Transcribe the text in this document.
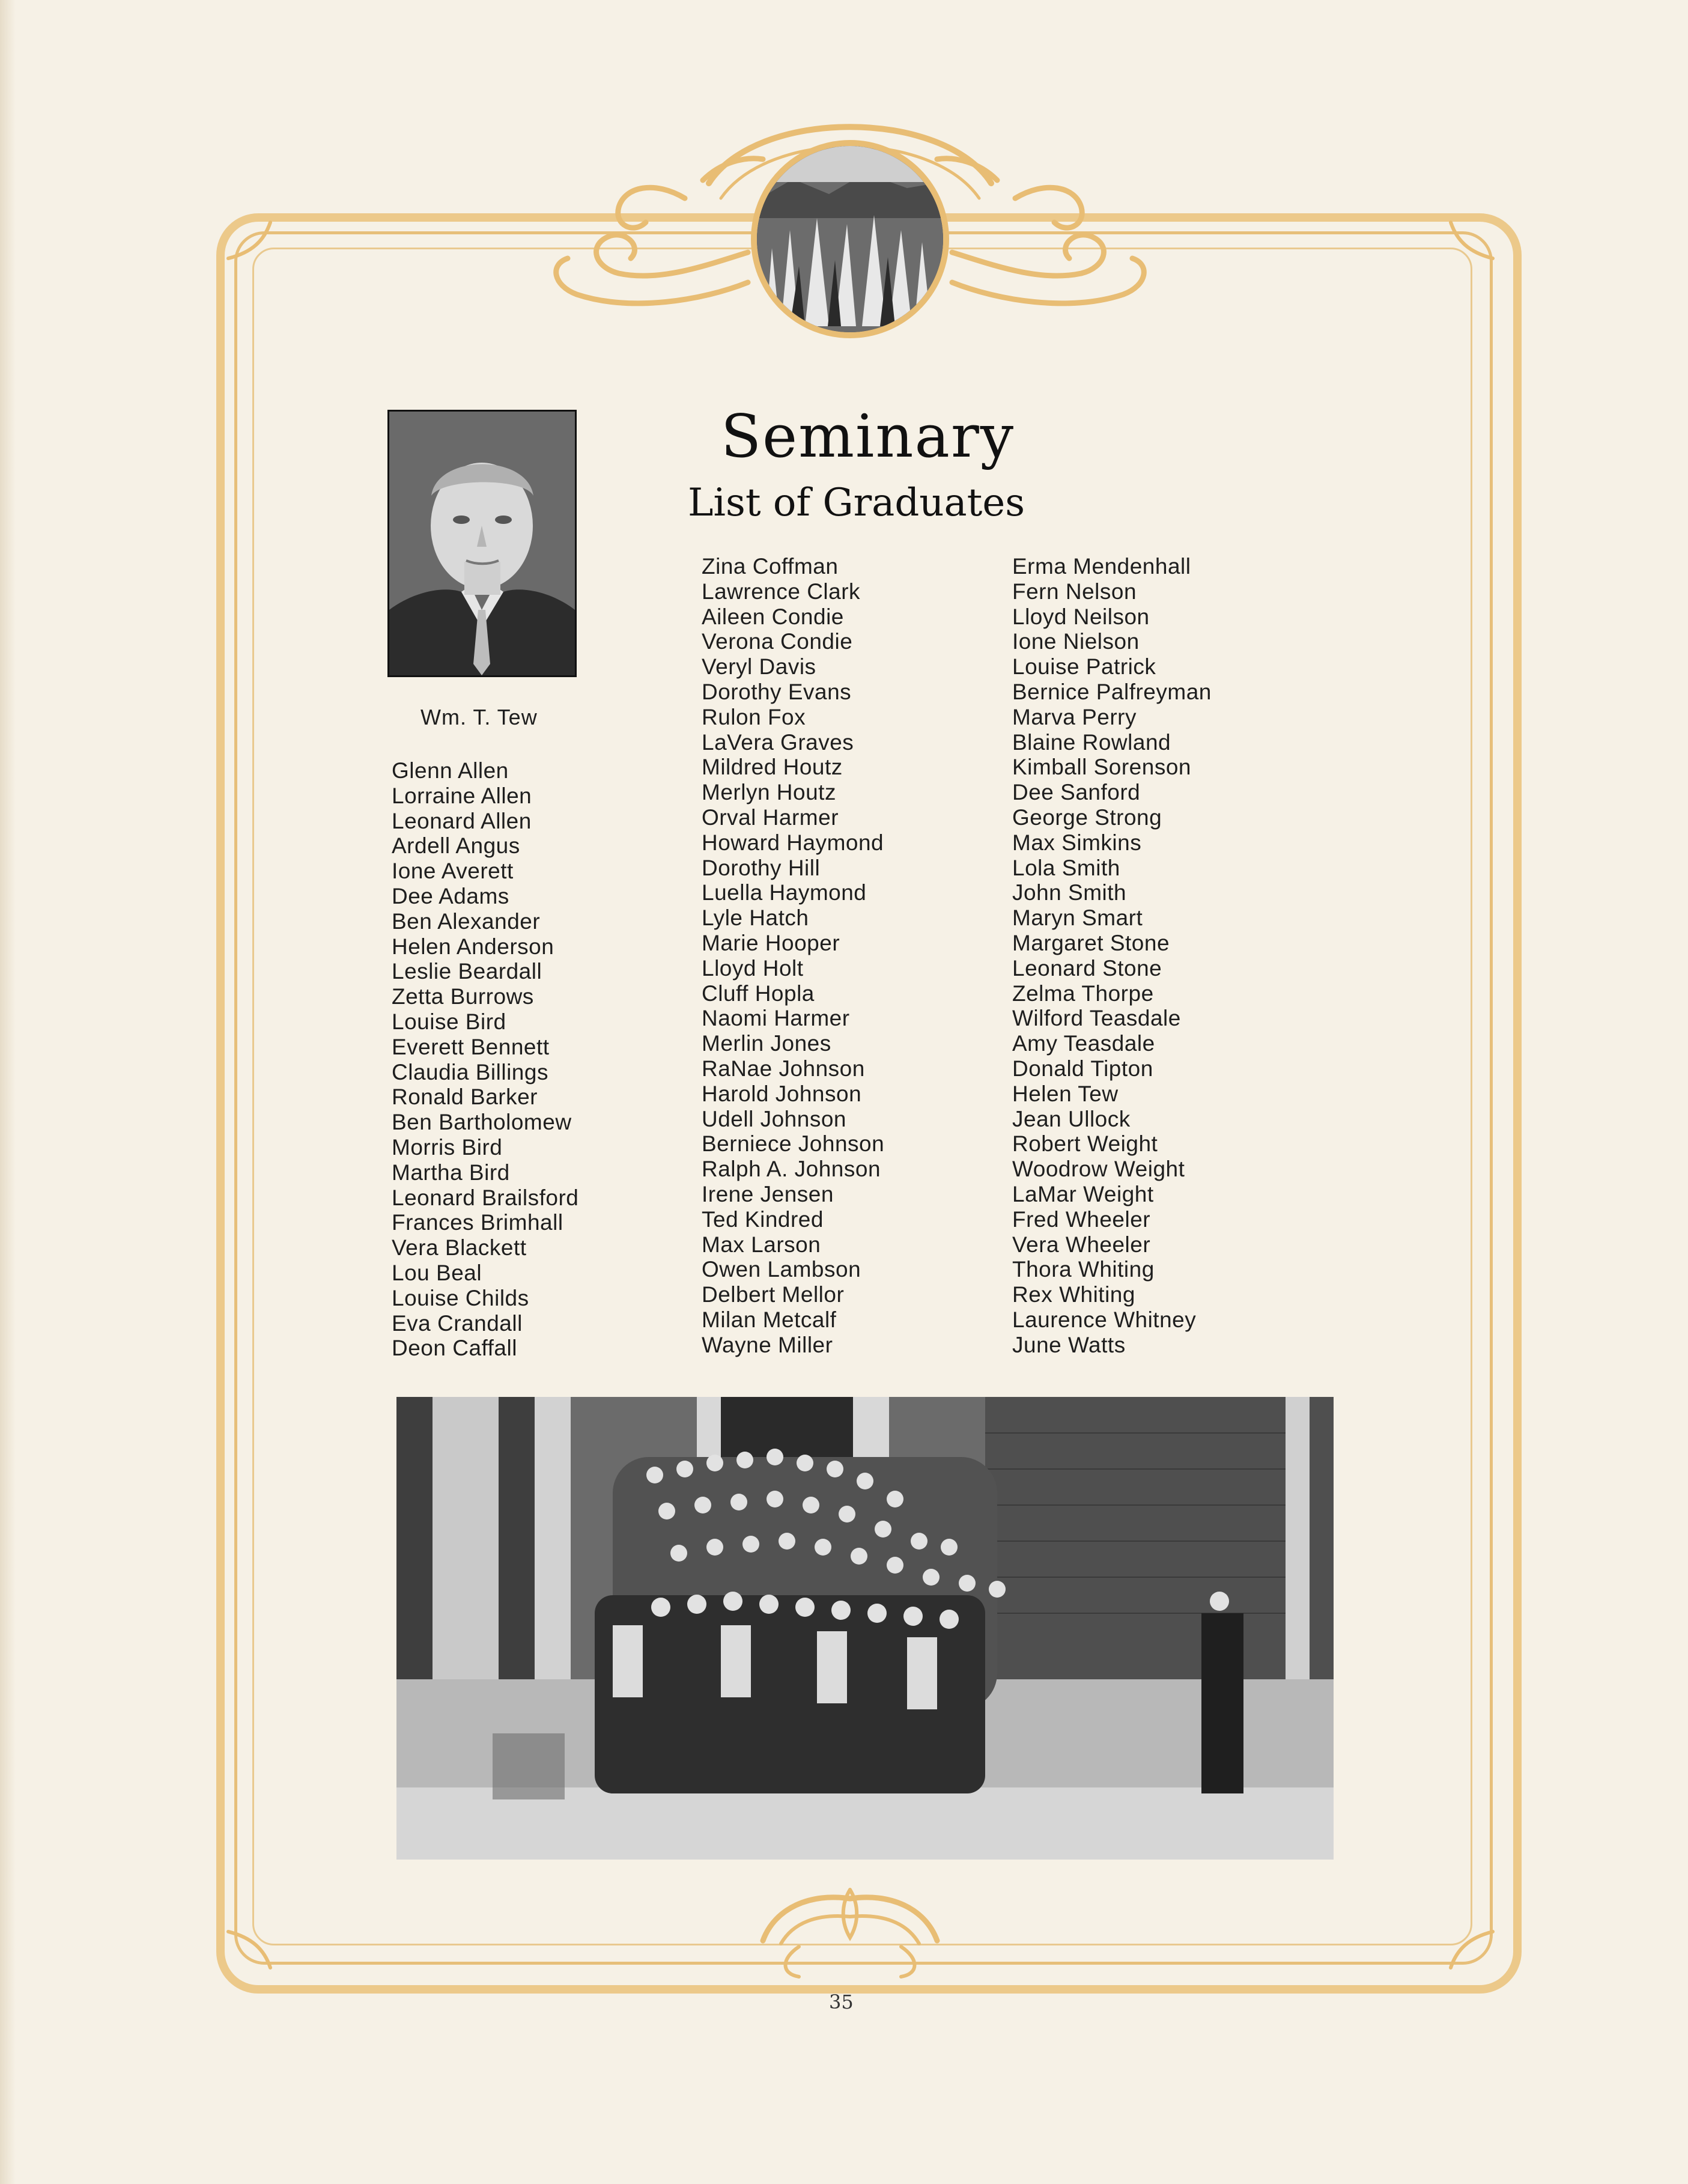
Wm. T. Tew
Seminary
List of Graduates
Glenn Allen
Lorraine Allen
Leonard Allen
Ardell Angus
Ione Averett
Dee Adams
Ben Alexander
Helen Anderson
Leslie Beardall
Zetta Burrows
Louise Bird
Everett Bennett
Claudia Billings
Ronald Barker
Ben Bartholomew
Morris Bird
Martha Bird
Leonard Brailsford
Frances Brimhall
Vera Blackett
Lou Beal
Louise Childs
Eva Crandall
Deon Caffall
Zina Coffman
Lawrence Clark
Aileen Condie
Verona Condie
Veryl Davis
Dorothy Evans
Rulon Fox
LaVera Graves
Mildred Houtz
Merlyn Houtz
Orval Harmer
Howard Haymond
Dorothy Hill
Luella Haymond
Lyle Hatch
Marie Hooper
Lloyd Holt
Cluff Hopla
Naomi Harmer
Merlin Jones
RaNae Johnson
Harold Johnson
Udell Johnson
Berniece Johnson
Ralph A. Johnson
Irene Jensen
Ted Kindred
Max Larson
Owen Lambson
Delbert Mellor
Milan Metcalf
Wayne Miller
Erma Mendenhall
Fern Nelson
Lloyd Neilson
Ione Nielson
Louise Patrick
Bernice Palfreyman
Marva Perry
Blaine Rowland
Kimball Sorenson
Dee Sanford
George Strong
Max Simkins
Lola Smith
John Smith
Maryn Smart
Margaret Stone
Leonard Stone
Zelma Thorpe
Wilford Teasdale
Amy Teasdale
Donald Tipton
Helen Tew
Jean Ullock
Robert Weight
Woodrow Weight
LaMar Weight
Fred Wheeler
Vera Wheeler
Thora Whiting
Rex Whiting
Laurence Whitney
June Watts
35
